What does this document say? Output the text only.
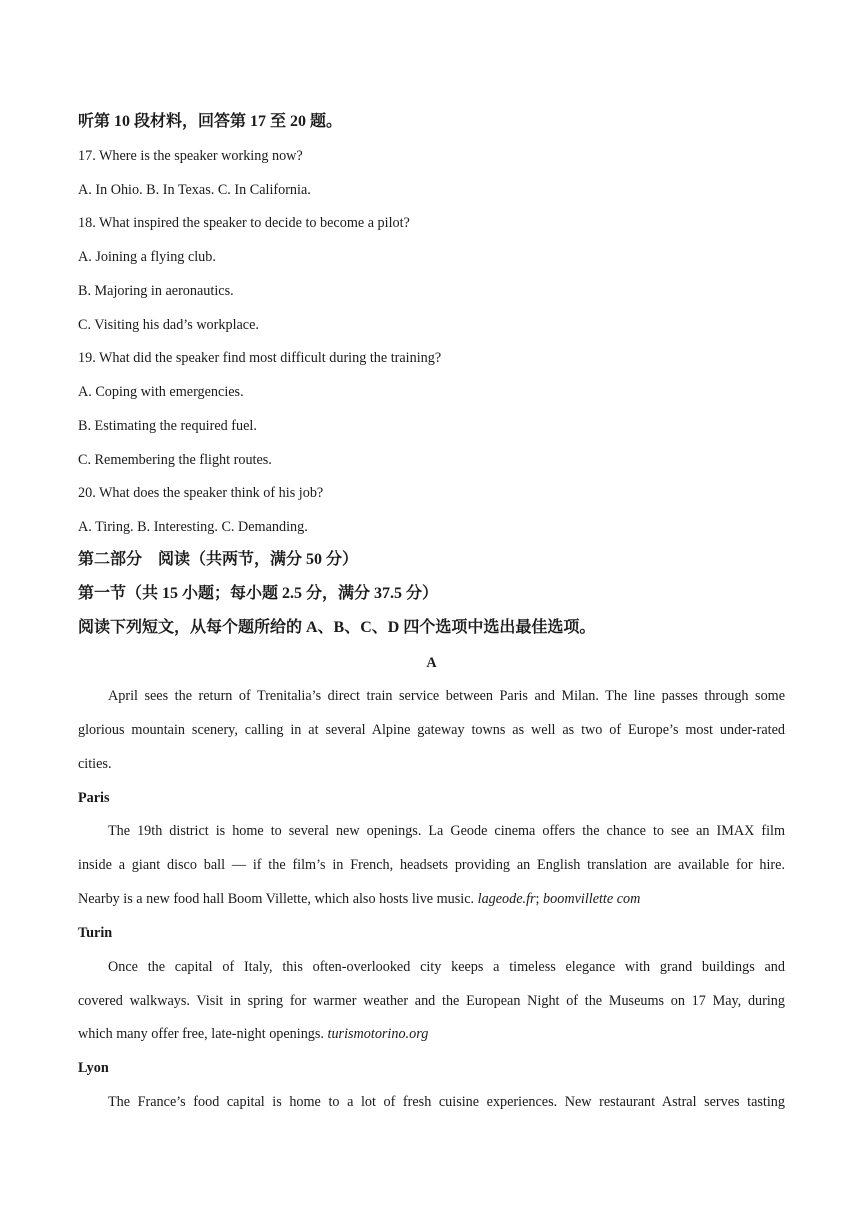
听第 10 段材料，回答第 17 至 20 题。
17. Where is the speaker working now?
A. In Ohio. B. In Texas. C. In California.
18. What inspired the speaker to decide to become a pilot?
A. Joining a flying club.
B. Majoring in aeronautics.
C. Visiting his dad’s workplace.
19. What did the speaker find most difficult during the training?
A. Coping with emergencies.
B. Estimating the required fuel.
C. Remembering the flight routes.
20. What does the speaker think of his job?
A. Tiring. B. Interesting. C. Demanding.
第二部分　阅读（共两节，满分 50 分）
第一节（共 15 小题；每小题 2.5 分，满分 37.5 分）
阅读下列短文，从每个题所给的 A、B、C、D 四个选项中选出最佳选项。
A
April sees the return of Trenitalia’s direct train service between Paris and Milan. The line passes through some
glorious mountain scenery, calling in at several Alpine gateway towns as well as two of Europe’s most under-rated
cities.
Paris
The 19th district is home to several new openings. La Geode cinema offers the chance to see an IMAX film
inside a giant disco ball — if the film’s in French, headsets providing an English translation are available for hire.
Nearby is a new food hall Boom Villette, which also hosts live music. lageode.fr; boomvillette com
Turin
Once the capital of Italy, this often-overlooked city keeps a timeless elegance with grand buildings and
covered walkways. Visit in spring for warmer weather and the European Night of the Museums on 17 May, during
which many offer free, late-night openings. turismotorino.org
Lyon
The France’s food capital is home to a lot of fresh cuisine experiences. New restaurant Astral serves tasting
